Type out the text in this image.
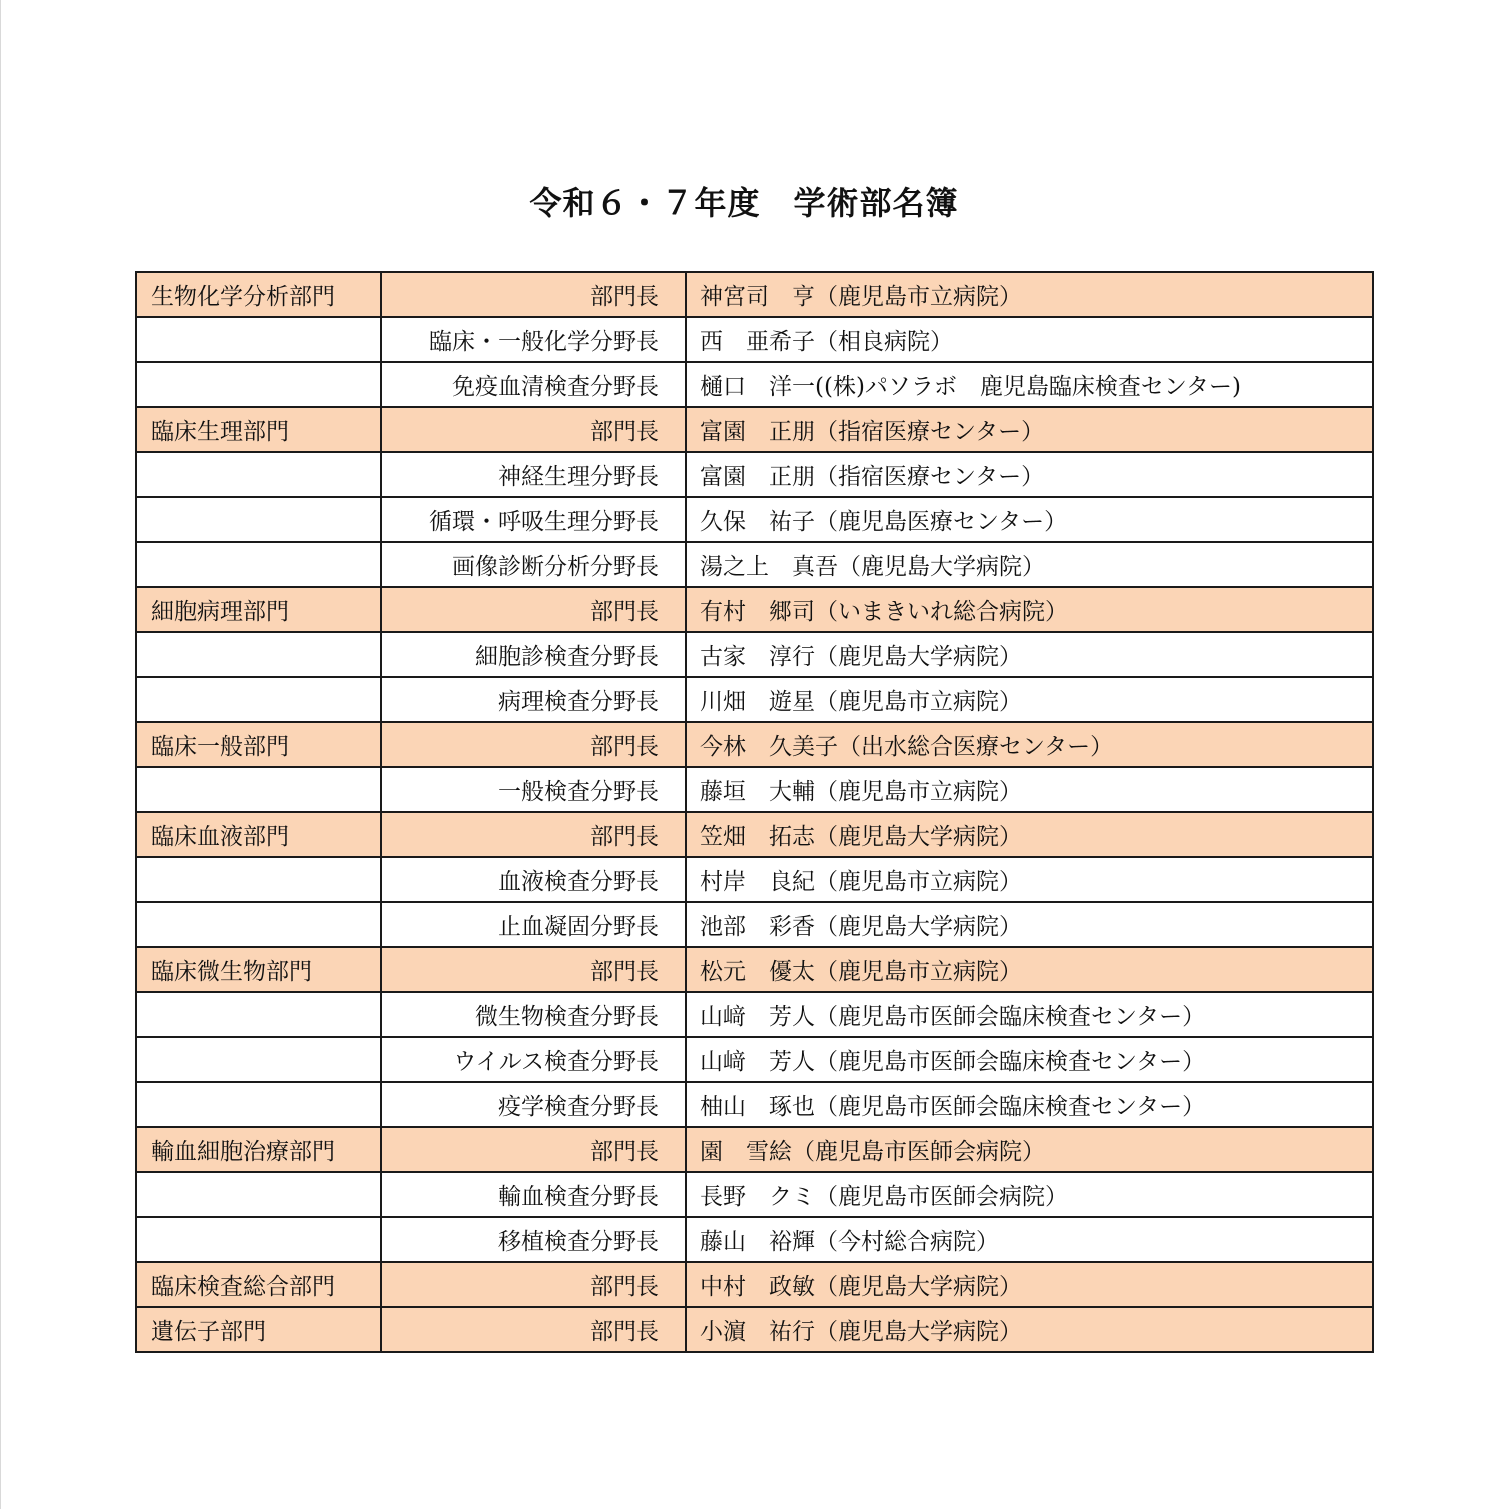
令和６・７年度　学術部名簿
生物化学分析部門	部門長	神宮司　亨（鹿児島市立病院）
	臨床・一般化学分野長	西　亜希子（相良病院）
	免疫血清検査分野長	樋口　洋一((株)パソラボ　鹿児島臨床検査センター)
臨床生理部門	部門長	富園　正朋（指宿医療センター）
	神経生理分野長	富園　正朋（指宿医療センター）
	循環・呼吸生理分野長	久保　祐子（鹿児島医療センター）
	画像診断分析分野長	湯之上　真吾（鹿児島大学病院）
細胞病理部門	部門長	有村　郷司（いまきいれ総合病院）
	細胞診検査分野長	古家　淳行（鹿児島大学病院）
	病理検査分野長	川畑　遊星（鹿児島市立病院）
臨床一般部門	部門長	今林　久美子（出水総合医療センター）
	一般検査分野長	藤垣　大輔（鹿児島市立病院）
臨床血液部門	部門長	笠畑　拓志（鹿児島大学病院）
	血液検査分野長	村岸　良紀（鹿児島市立病院）
	止血凝固分野長	池部　彩香（鹿児島大学病院）
臨床微生物部門	部門長	松元　優太（鹿児島市立病院）
	微生物検査分野長	山﨑　芳人（鹿児島市医師会臨床検査センター）
	ウイルス検査分野長	山﨑　芳人（鹿児島市医師会臨床検査センター）
	疫学検査分野長	柚山　琢也（鹿児島市医師会臨床検査センター）
輸血細胞治療部門	部門長	園　雪絵（鹿児島市医師会病院）
	輸血検査分野長	長野　クミ（鹿児島市医師会病院）
	移植検査分野長	藤山　裕輝（今村総合病院）
臨床検査総合部門	部門長	中村　政敏（鹿児島大学病院）
遺伝子部門	部門長	小濵　祐行（鹿児島大学病院）
